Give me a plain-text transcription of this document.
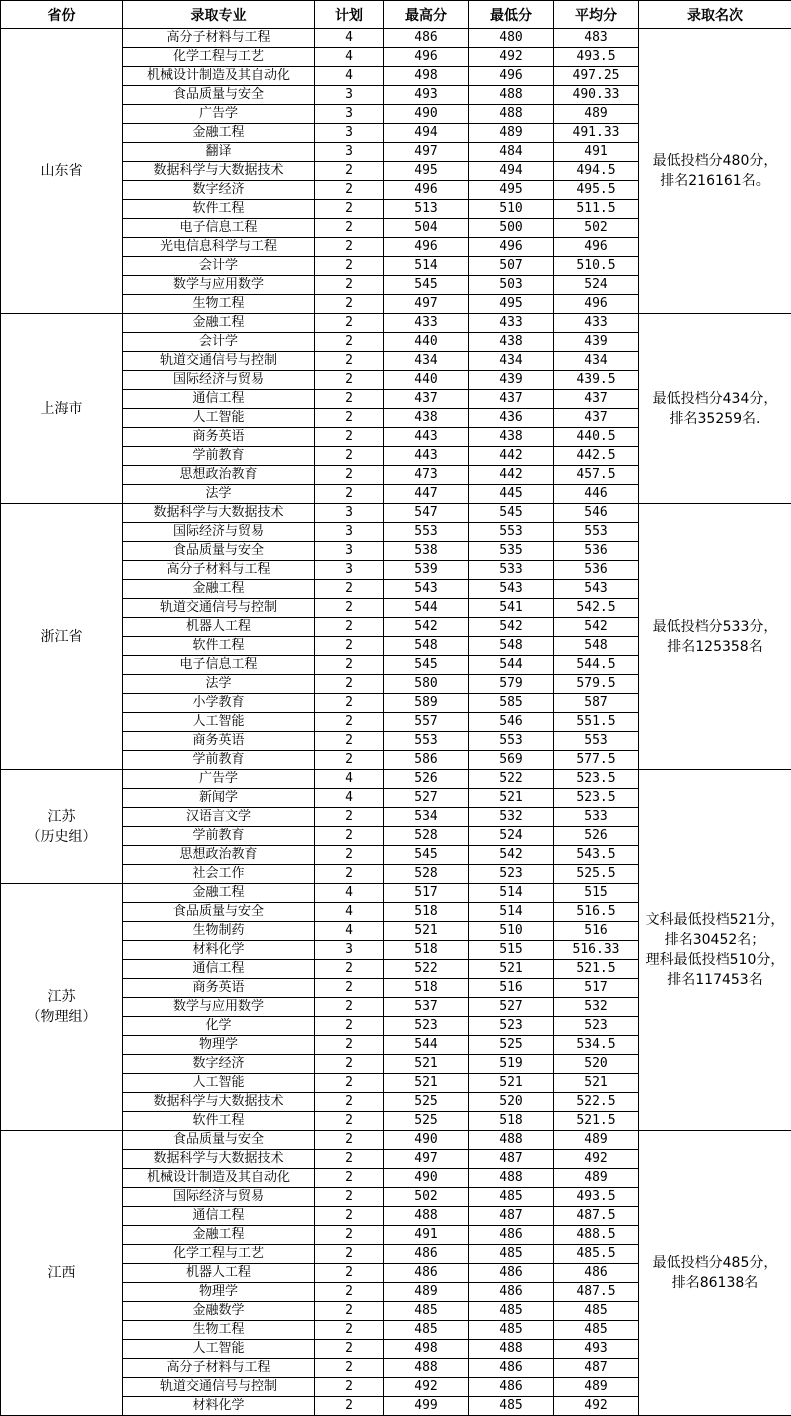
省份	录取专业	计划	最高分	最低分	平均分	录取名次

山东省	高分子材料与工程	4	486	480	483	最低投档分480分，
排名216161名。
	化学工程与工艺	4	496	492	493.5	
	机械设计制造及其自动化	4	498	496	497.25	
	食品质量与安全	3	493	488	490.33	
	广告学	3	490	488	489	
	金融工程	3	494	489	491.33	
	翻译	3	497	484	491	
	数据科学与大数据技术	2	495	494	494.5	
	数字经济	2	496	495	495.5	
	软件工程	2	513	510	511.5	
	电子信息工程	2	504	500	502	
	光电信息科学与工程	2	496	496	496	
	会计学	2	514	507	510.5	
	数学与应用数学	2	545	503	524	
	生物工程	2	497	495	496	

上海市	金融工程	2	433	433	433	最低投档分434分，
排名35259名.
	会计学	2	440	438	439	
	轨道交通信号与控制	2	434	434	434	
	国际经济与贸易	2	440	439	439.5	
	通信工程	2	437	437	437	
	人工智能	2	438	436	437	
	商务英语	2	443	438	440.5	
	学前教育	2	443	442	442.5	
	思想政治教育	2	473	442	457.5	
	法学	2	447	445	446	

浙江省	数据科学与大数据技术	3	547	545	546	最低投档分533分，
排名125358名
	国际经济与贸易	3	553	553	553	
	食品质量与安全	3	538	535	536	
	高分子材料与工程	3	539	533	536	
	金融工程	2	543	543	543	
	轨道交通信号与控制	2	544	541	542.5	
	机器人工程	2	542	542	542	
	软件工程	2	548	548	548	
	电子信息工程	2	545	544	544.5	
	法学	2	580	579	579.5	
	小学教育	2	589	585	587	
	人工智能	2	557	546	551.5	
	商务英语	2	553	553	553	
	学前教育	2	586	569	577.5	

江苏
（历史组）	广告学	4	526	522	523.5	文科最低投档521分，
排名30452名；
理科最低投档510分，
排名117453名
	新闻学	4	527	521	523.5	
	汉语言文学	2	534	532	533	
	学前教育	2	528	524	526	
	思想政治教育	2	545	542	543.5	
	社会工作	2	528	523	525.5	

江苏
（物理组）	金融工程	4	517	514	515	
	食品质量与安全	4	518	514	516.5	
	生物制药	4	521	510	516	
	材料化学	3	518	515	516.33	
	通信工程	2	522	521	521.5	
	商务英语	2	518	516	517	
	数学与应用数学	2	537	527	532	
	化学	2	523	523	523	
	物理学	2	544	525	534.5	
	数字经济	2	521	519	520	
	人工智能	2	521	521	521	
	数据科学与大数据技术	2	525	520	522.5	
	软件工程	2	525	518	521.5	

江西	食品质量与安全	2	490	488	489	最低投档分485分，
排名86138名
	数据科学与大数据技术	2	497	487	492	
	机械设计制造及其自动化	2	490	488	489	
	国际经济与贸易	2	502	485	493.5	
	通信工程	2	488	487	487.5	
	金融工程	2	491	486	488.5	
	化学工程与工艺	2	486	485	485.5	
	机器人工程	2	486	486	486	
	物理学	2	489	486	487.5	
	金融数学	2	485	485	485	
	生物工程	2	485	485	485	
	人工智能	2	498	488	493	
	高分子材料与工程	2	488	486	487	
	轨道交通信号与控制	2	492	486	489	
	材料化学	2	499	485	492	
